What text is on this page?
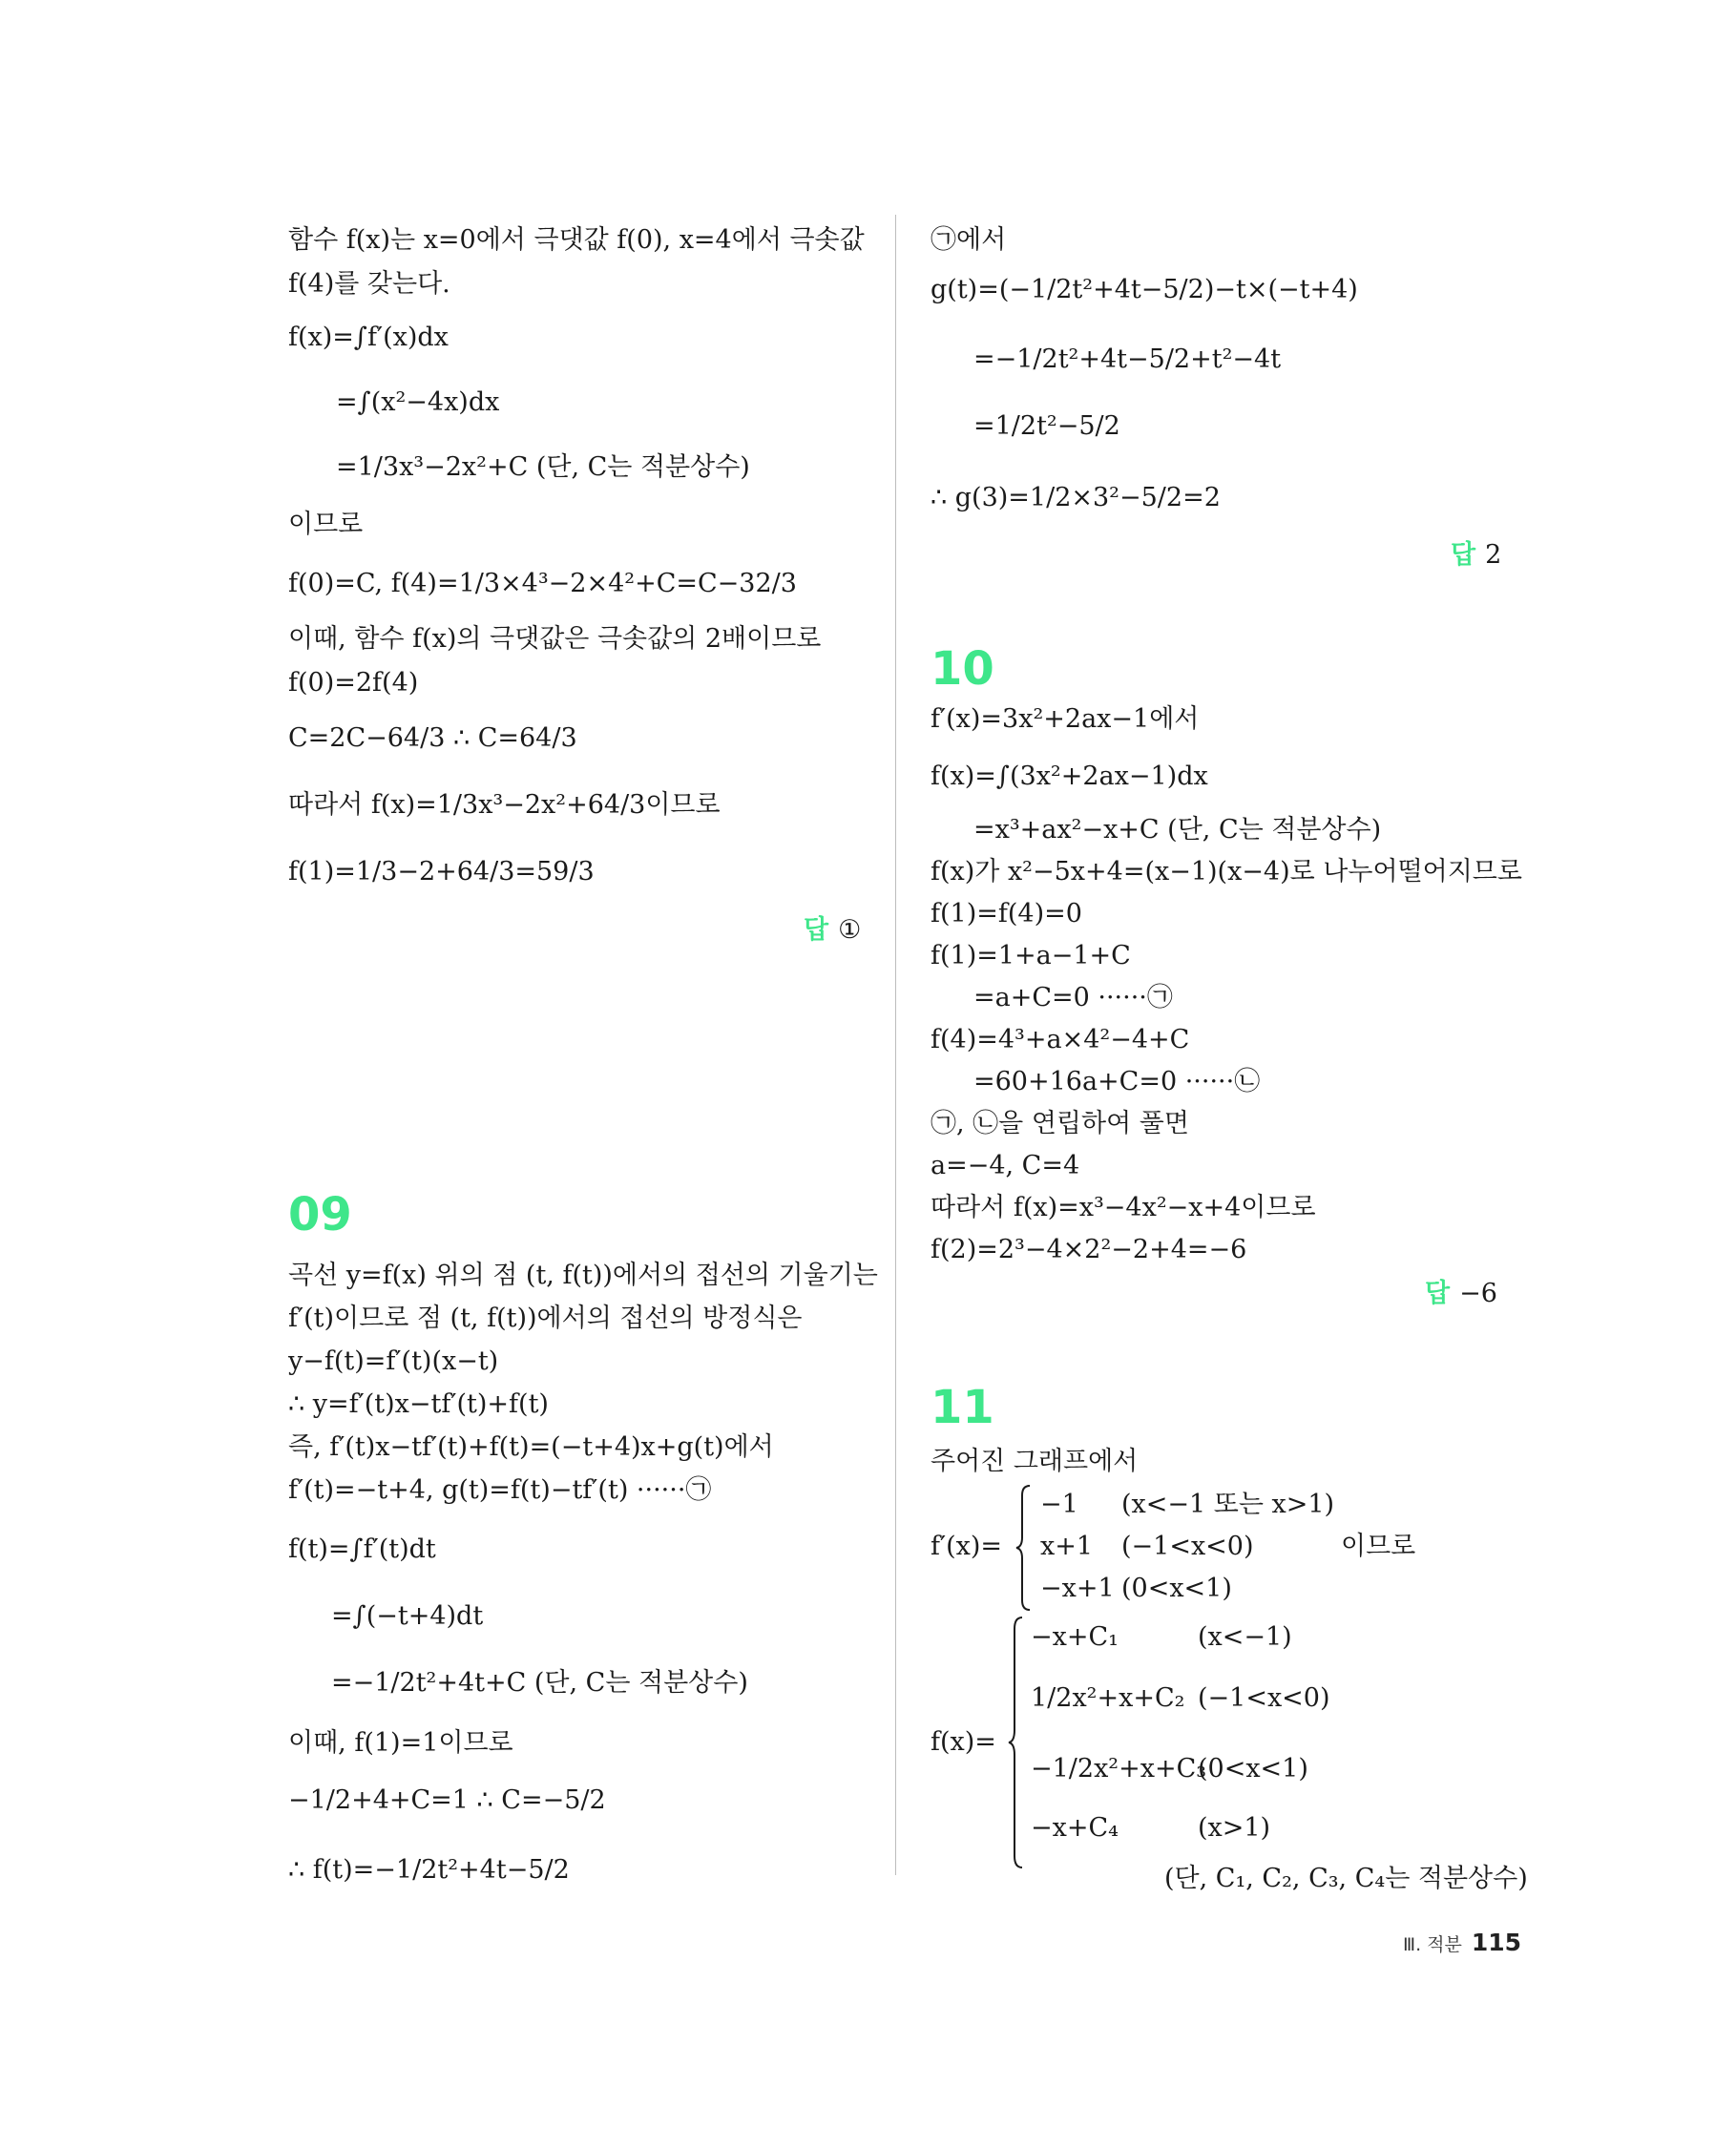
함수 f(x)는 x=0에서 극댓값 f(0), x=4에서 극솟값
f(4)를 갖는다.
f(x)=∫f′(x)dx
=∫(x²−4x)dx
=1/3x³−2x²+C (단, C는 적분상수)
이므로
f(0)=C, f(4)=1/3×4³−2×4²+C=C−32/3
이때, 함수 f(x)의 극댓값은 극솟값의 2배이므로
f(0)=2f(4)
C=2C−64/3 ∴ C=64/3
따라서 f(x)=1/3x³−2x²+64/3이므로
f(1)=1/3−2+64/3=59/3
답 ①
09
곡선 y=f(x) 위의 점 (t, f(t))에서의 접선의 기울기는
f′(t)이므로 점 (t, f(t))에서의 접선의 방정식은
y−f(t)=f′(t)(x−t)
∴ y=f′(t)x−tf′(t)+f(t)
즉, f′(t)x−tf′(t)+f(t)=(−t+4)x+g(t)에서
f′(t)=−t+4, g(t)=f(t)−tf′(t) ······㉠
f(t)=∫f′(t)dt
=∫(−t+4)dt
=−1/2t²+4t+C (단, C는 적분상수)
이때, f(1)=1이므로
−1/2+4+C=1 ∴ C=−5/2
∴ f(t)=−1/2t²+4t−5/2
㉠에서
g(t)=(−1/2t²+4t−5/2)−t×(−t+4)
=−1/2t²+4t−5/2+t²−4t
=1/2t²−5/2
∴ g(3)=1/2×3²−5/2=2
답 2
10
f′(x)=3x²+2ax−1에서
f(x)=∫(3x²+2ax−1)dx
=x³+ax²−x+C (단, C는 적분상수)
f(x)가 x²−5x+4=(x−1)(x−4)로 나누어떨어지므로
f(1)=f(4)=0
f(1)=1+a−1+C
=a+C=0 ······㉠
f(4)=4³+a×4²−4+C
=60+16a+C=0 ······㉡
㉠, ㉡을 연립하여 풀면
a=−4, C=4
따라서 f(x)=x³−4x²−x+4이므로
f(2)=2³−4×2²−2+4=−6
답 −6
11
주어진 그래프에서
f′(x)=
−1 (x<−1 또는 x>1)
x+1 (−1<x<0)
−x+1 (0<x<1)
이므로
f(x)=
−x+C₁	(x<−1)
1/2x²+x+C₂ (−1<x<0)
−1/2x²+x+C₃
(0<x<1)
−x+C₄	(x>1)
(단, C₁, C₂, C₃, C₄는 적분상수)
Ⅲ. 적분 115
